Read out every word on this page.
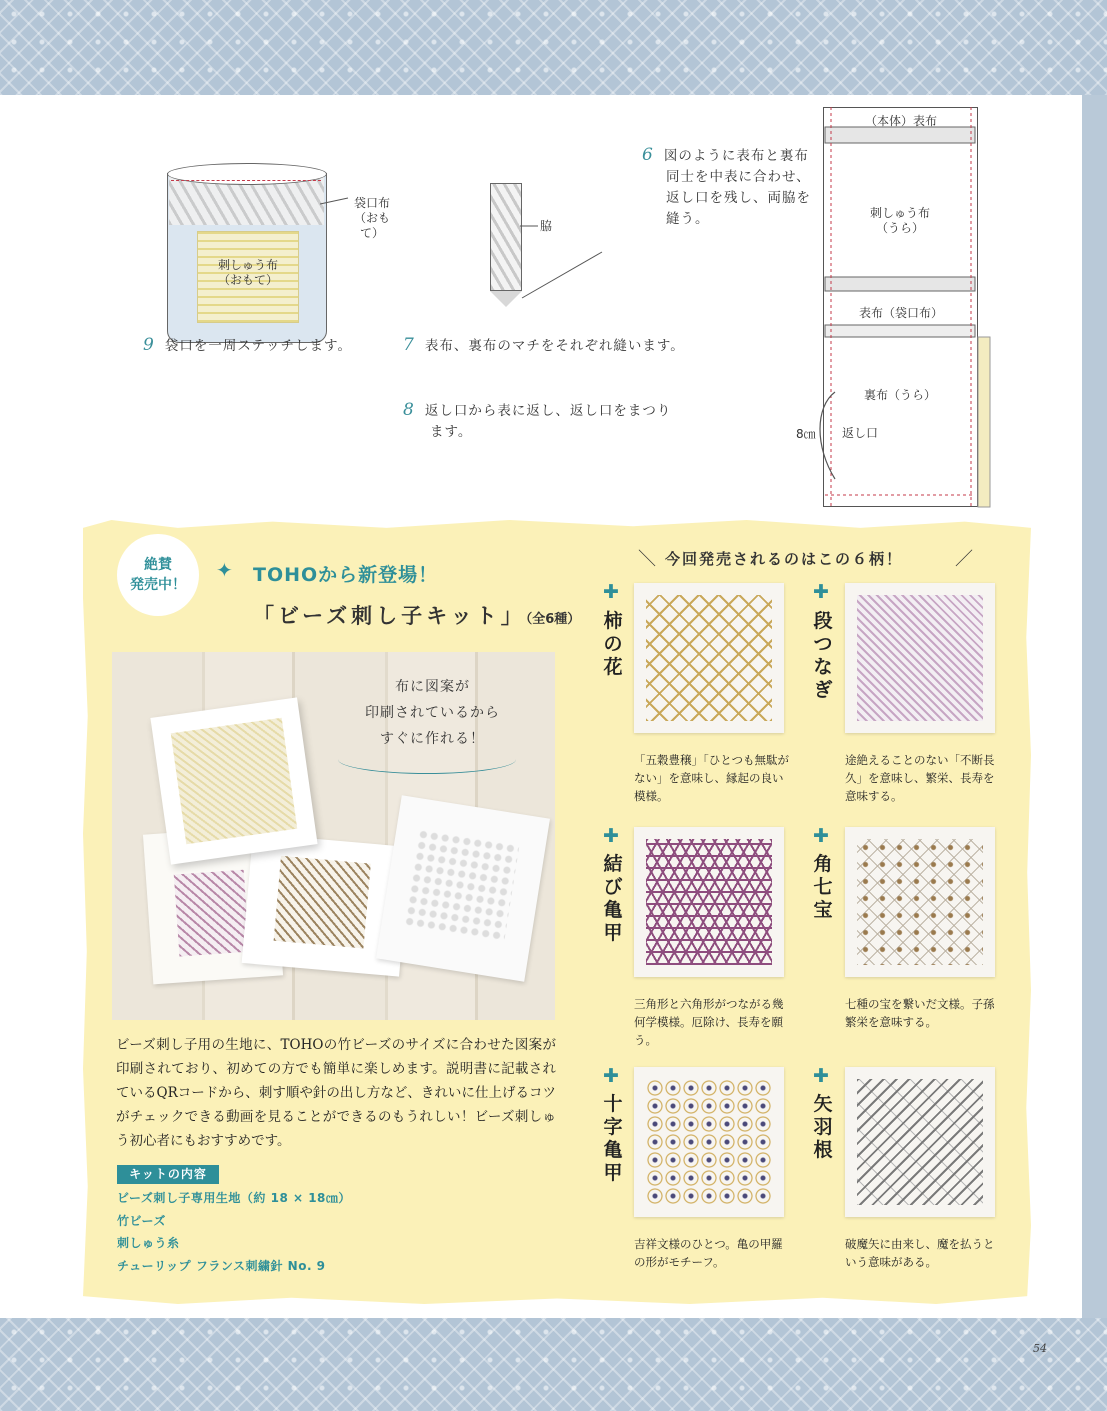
袋口布
（おもて）
刺しゅう布
（おもて）
9 袋口を一周ステッチします。
脇
7 表布、裏布のマチをそれぞれ縫います。
8 返し口から表に返し、返し口をまつり
ます。
6 図のように表布と裏布
同士を中表に合わせ、
返し口を残し、両脇を
縫う。
（本体）表布
刺しゅう布
（うら）
表布（袋口布）
裏布（うら）
8㎝ 返し口
絶賛
発売中！
✦ TOHOから新登場！
「ビーズ刺し子キット」（全6種）
布に図案が
印刷されているから
すぐに作れる！
ビーズ刺し子用の生地に、TOHOの竹ビーズのサイズに合わせた図案が印刷されており、初めての方でも簡単に楽しめます。説明書に記載されているQRコードから、刺す順や針の出し方など、きれいに仕上げるコツがチェックできる動画を見ることができるのもうれしい！ビーズ刺しゅう初心者にもおすすめです。
キットの内容
ビーズ刺し子専用生地（約 18 × 18㎝）
竹ビーズ
刺しゅう糸
チューリップ フランス刺繍針 No. 9
＼ 今回発売されるのはこの６柄！	／
✚
柿の花
「五穀豊穣」「ひとつも無駄がない」を意味し、縁起の良い模様。
✚
段つなぎ
途絶えることのない「不断長久」を意味し、繁栄、長寿を意味する。
✚
結び亀甲
三角形と六角形がつながる幾何学模様。厄除け、長寿を願う。
✚
角七宝
七種の宝を繋いだ文様。子孫繁栄を意味する。
✚
十字亀甲
吉祥文様のひとつ。亀の甲羅の形がモチーフ。
✚
矢羽根
破魔矢に由来し、魔を払うという意味がある。
54
